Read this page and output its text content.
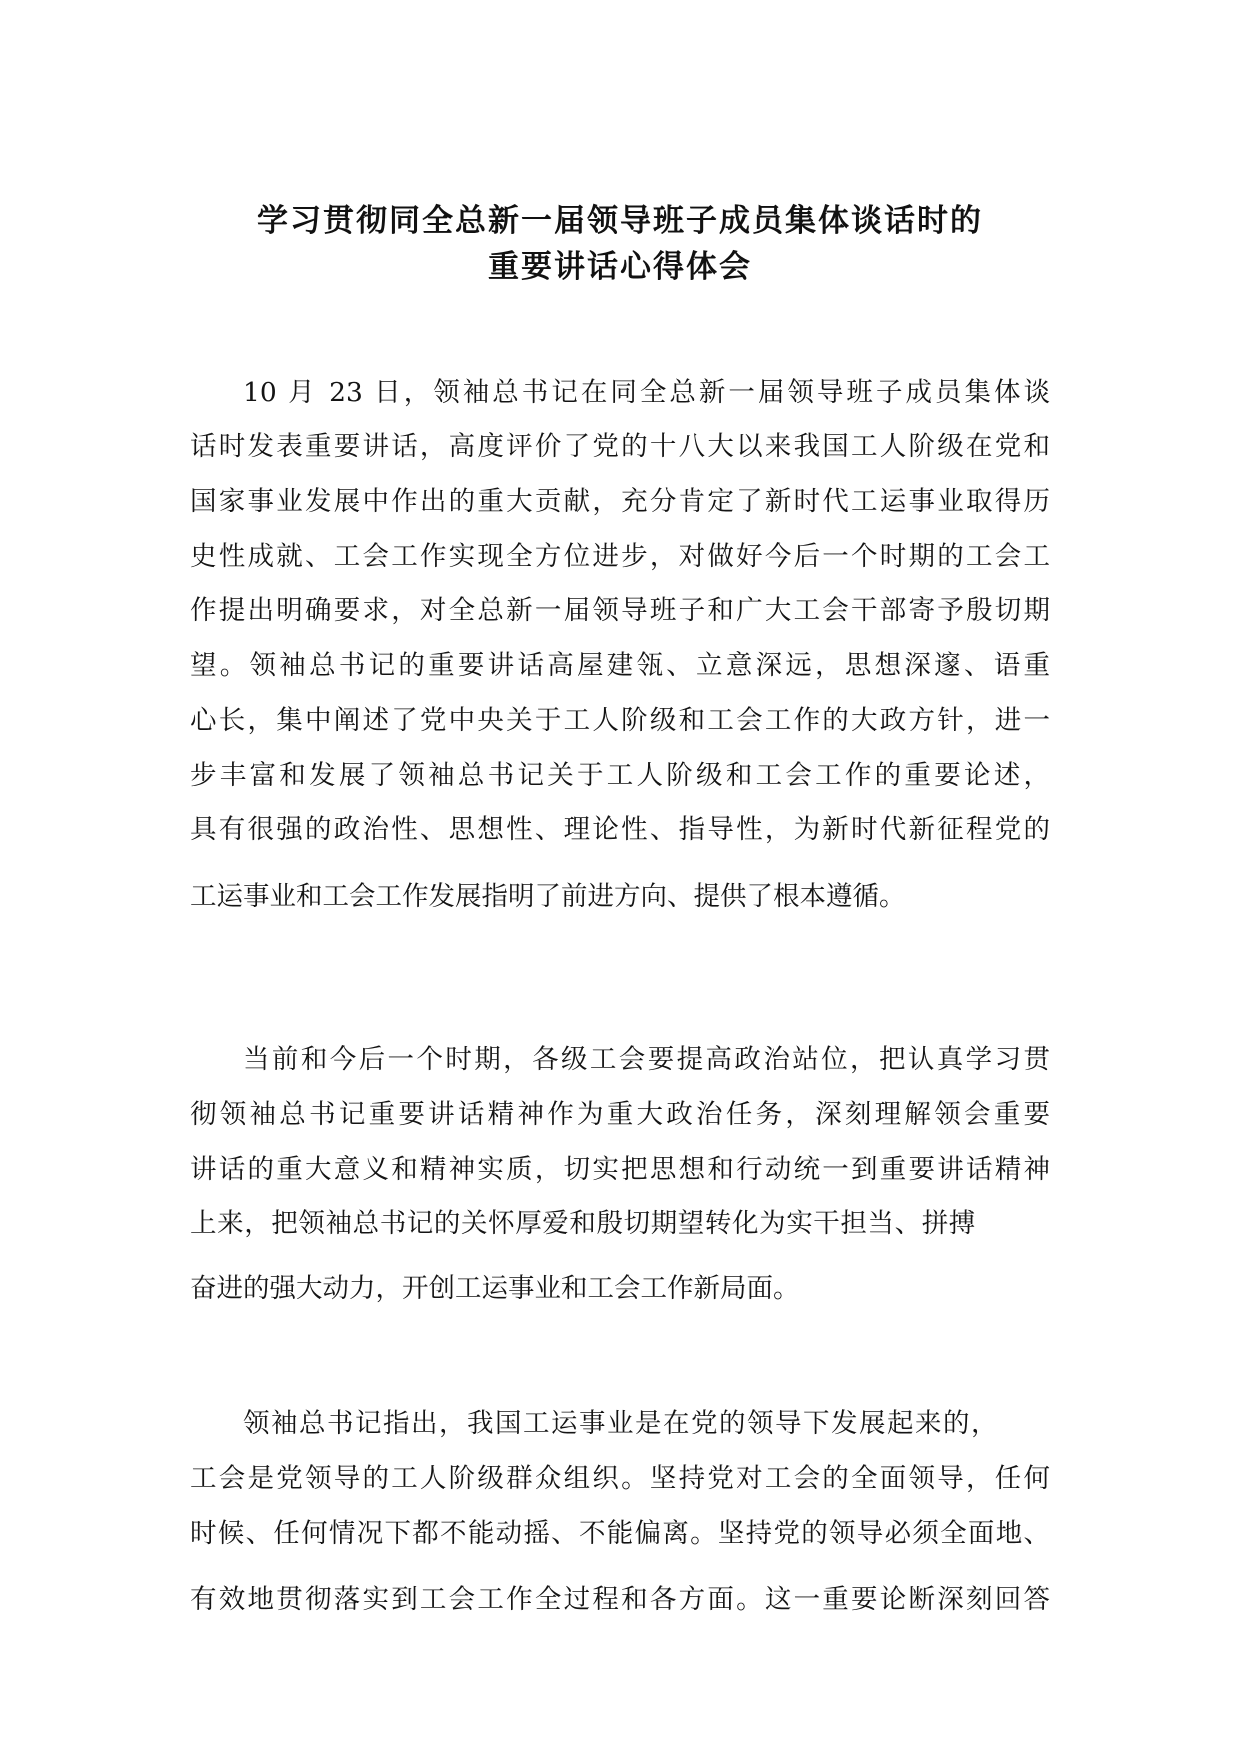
学习贯彻同全总新一届领导班子成员集体谈话时的
重要讲话心得体会
10 月 23 日，领袖总书记在同全总新一届领导班子成员集体谈
话时发表重要讲话，高度评价了党的十八大以来我国工人阶级在党和
国家事业发展中作出的重大贡献，充分肯定了新时代工运事业取得历
史性成就、工会工作实现全方位进步，对做好今后一个时期的工会工
作提出明确要求，对全总新一届领导班子和广大工会干部寄予殷切期
望。领袖总书记的重要讲话高屋建瓴、立意深远，思想深邃、语重
心长，集中阐述了党中央关于工人阶级和工会工作的大政方针，进一
步丰富和发展了领袖总书记关于工人阶级和工会工作的重要论述，
具有很强的政治性、思想性、理论性、指导性，为新时代新征程党的
工运事业和工会工作发展指明了前进方向、提供了根本遵循。
当前和今后一个时期，各级工会要提高政治站位，把认真学习贯
彻领袖总书记重要讲话精神作为重大政治任务，深刻理解领会重要
讲话的重大意义和精神实质，切实把思想和行动统一到重要讲话精神
上来，把领袖总书记的关怀厚爱和殷切期望转化为实干担当、拼搏
奋进的强大动力，开创工运事业和工会工作新局面。
领袖总书记指出，我国工运事业是在党的领导下发展起来的，
工会是党领导的工人阶级群众组织。坚持党对工会的全面领导，任何
时候、任何情况下都不能动摇、不能偏离。坚持党的领导必须全面地、
有效地贯彻落实到工会工作全过程和各方面。这一重要论断深刻回答
